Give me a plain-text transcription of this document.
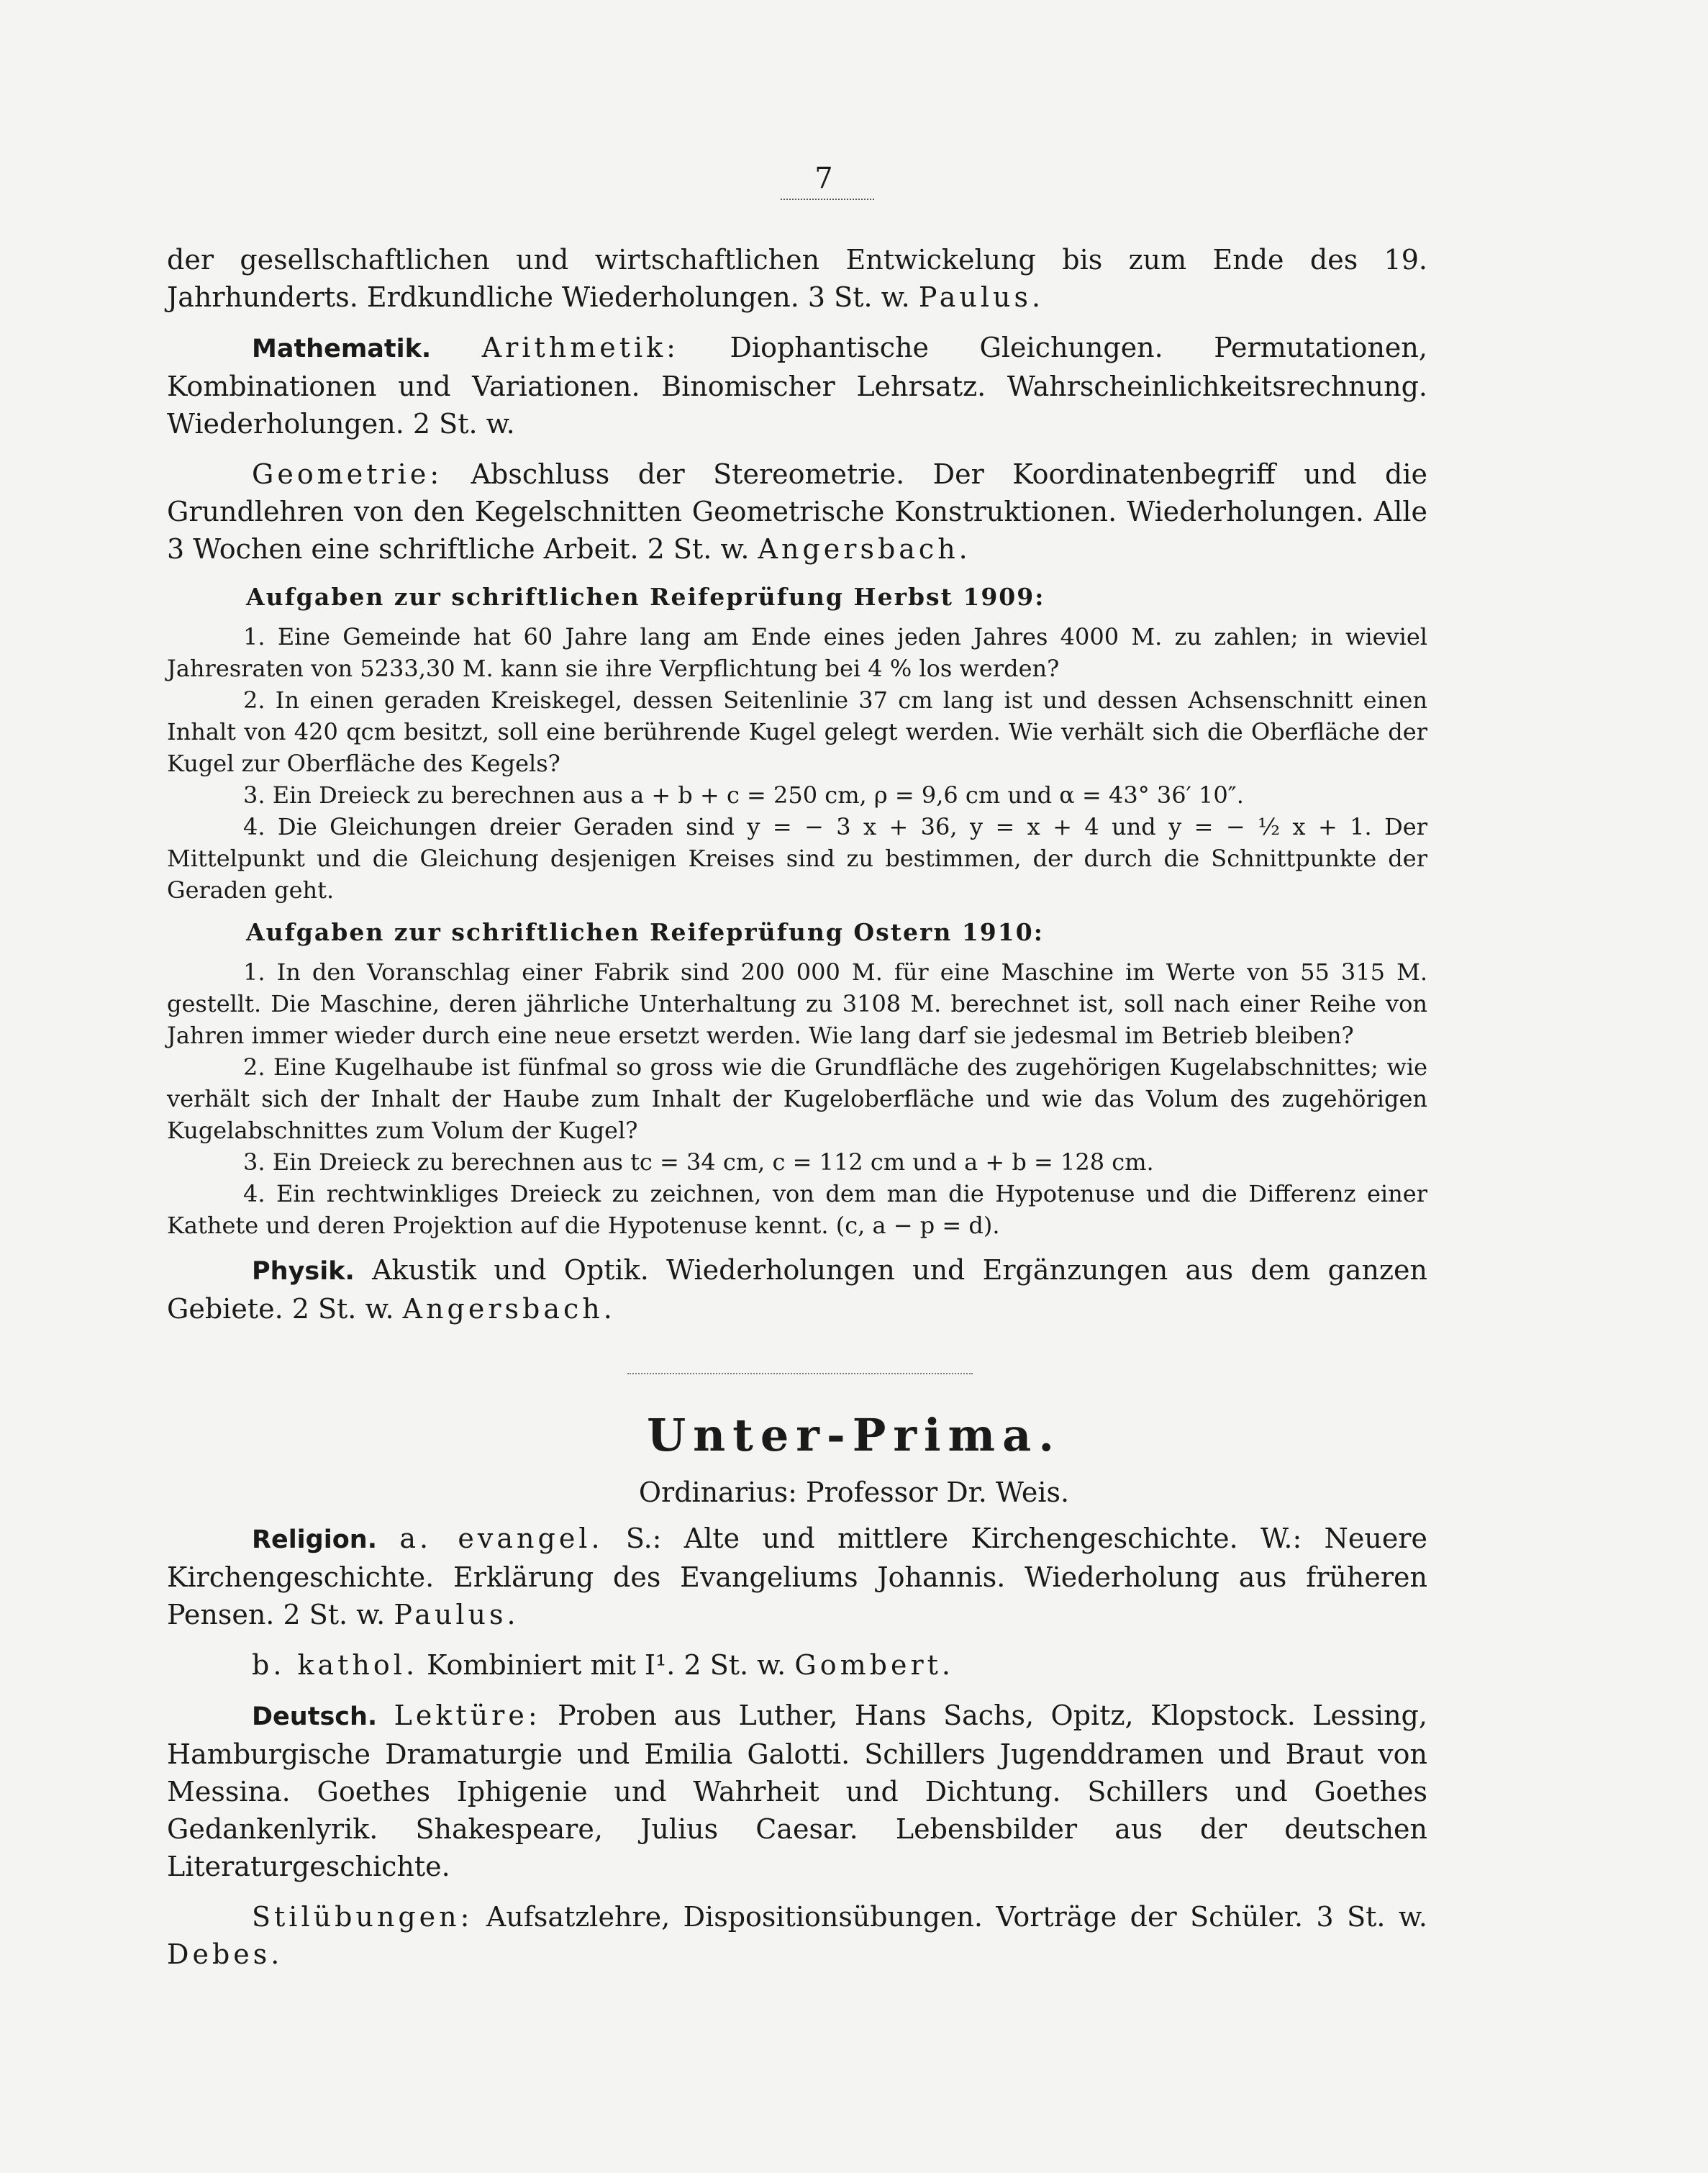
7

der gesellschaftlichen und wirtschaftlichen Entwickelung bis zum Ende des 19. Jahrhunderts. Erdkundliche Wiederholungen. 3 St. w. Paulus.

Mathematik. Arithmetik: Diophantische Gleichungen. Permutationen, Kombinationen und Variationen. Binomischer Lehrsatz. Wahrscheinlichkeitsrechnung. Wiederholungen. 2 St. w.

Geometrie: Abschluss der Stereometrie. Der Koordinatenbegriff und die Grundlehren von den Kegelschnitten Geometrische Konstruktionen. Wiederholungen. Alle 3 Wochen eine schriftliche Arbeit. 2 St. w. Angersbach.

Aufgaben zur schriftlichen Reifeprüfung Herbst 1909:

1. Eine Gemeinde hat 60 Jahre lang am Ende eines jeden Jahres 4000 M. zu zahlen; in wieviel Jahresraten von 5233,30 M. kann sie ihre Verpflichtung bei 4 % los werden?

2. In einen geraden Kreiskegel, dessen Seitenlinie 37 cm lang ist und dessen Achsenschnitt einen Inhalt von 420 qcm besitzt, soll eine berührende Kugel gelegt werden. Wie verhält sich die Oberfläche der Kugel zur Oberfläche des Kegels?

3. Ein Dreieck zu berechnen aus a + b + c = 250 cm, ρ = 9,6 cm und α = 43° 36′ 10″.

4. Die Gleichungen dreier Geraden sind y = − 3 x + 36, y = x + 4 und y = − ½ x + 1. Der Mittelpunkt und die Gleichung desjenigen Kreises sind zu bestimmen, der durch die Schnittpunkte der Geraden geht.

Aufgaben zur schriftlichen Reifeprüfung Ostern 1910:

1. In den Voranschlag einer Fabrik sind 200 000 M. für eine Maschine im Werte von 55 315 M. gestellt. Die Maschine, deren jährliche Unterhaltung zu 3108 M. berechnet ist, soll nach einer Reihe von Jahren immer wieder durch eine neue ersetzt werden. Wie lang darf sie jedesmal im Betrieb bleiben?

2. Eine Kugelhaube ist fünfmal so gross wie die Grundfläche des zugehörigen Kugelabschnittes; wie verhält sich der Inhalt der Haube zum Inhalt der Kugeloberfläche und wie das Volum des zugehörigen Kugelabschnittes zum Volum der Kugel?

3. Ein Dreieck zu berechnen aus tc = 34 cm, c = 112 cm und a + b = 128 cm.

4. Ein rechtwinkliges Dreieck zu zeichnen, von dem man die Hypotenuse und die Differenz einer Kathete und deren Projektion auf die Hypotenuse kennt. (c, a − p = d).

Physik. Akustik und Optik. Wiederholungen und Ergänzungen aus dem ganzen Gebiete. 2 St. w. Angersbach.

Unter-Prima.
Ordinarius: Professor Dr. Weis.

Religion. a. evangel. S.: Alte und mittlere Kirchengeschichte. W.: Neuere Kirchengeschichte. Erklärung des Evangeliums Johannis. Wiederholung aus früheren Pensen. 2 St. w. Paulus.

b. kathol. Kombiniert mit I¹. 2 St. w. Gombert.

Deutsch. Lektüre: Proben aus Luther, Hans Sachs, Opitz, Klopstock. Lessing, Hamburgische Dramaturgie und Emilia Galotti. Schillers Jugenddramen und Braut von Messina. Goethes Iphigenie und Wahrheit und Dichtung. Schillers und Goethes Gedankenlyrik. Shakespeare, Julius Caesar. Lebensbilder aus der deutschen Literaturgeschichte.

Stilübungen: Aufsatzlehre, Dispositionsübungen. Vorträge der Schüler. 3 St. w. Debes.
